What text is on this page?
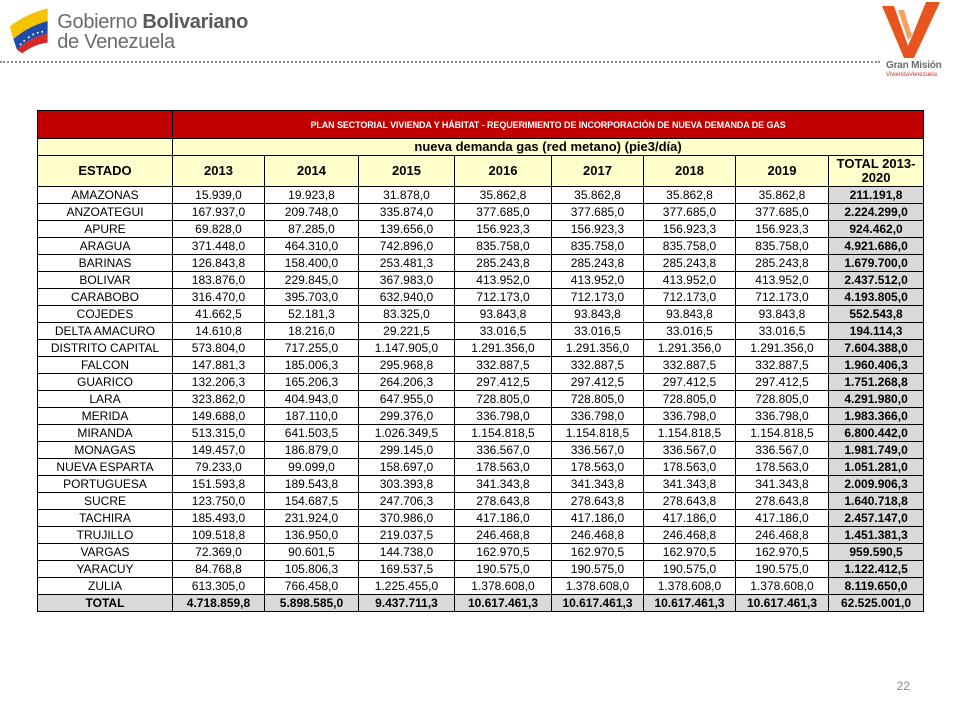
Gobierno Bolivariano
de Venezuela
Gran Misión
ViviendaVenezuela
	PLAN SECTORIAL VIVIENDA Y HÁBITAT - REQUERIMIENTO DE INCORPORACIÓN DE NUEVA DEMANDA DE GAS							
	nueva demanda gas (red metano) (pie3/día)							
ESTADO	2013	2014	2015	2016	2017	2018	2019	TOTAL 2013-2020
AMAZONAS	15.939,0	19.923,8	31.878,0	35.862,8	35.862,8	35.862,8	35.862,8	211.191,8
ANZOATEGUI	167.937,0	209.748,0	335.874,0	377.685,0	377.685,0	377.685,0	377.685,0	2.224.299,0
APURE	69.828,0	87.285,0	139.656,0	156.923,3	156.923,3	156.923,3	156.923,3	924.462,0
ARAGUA	371.448,0	464.310,0	742.896,0	835.758,0	835.758,0	835.758,0	835.758,0	4.921.686,0
BARINAS	126.843,8	158.400,0	253.481,3	285.243,8	285.243,8	285.243,8	285.243,8	1.679.700,0
BOLIVAR	183.876,0	229.845,0	367.983,0	413.952,0	413.952,0	413.952,0	413.952,0	2.437.512,0
CARABOBO	316.470,0	395.703,0	632.940,0	712.173,0	712.173,0	712.173,0	712.173,0	4.193.805,0
COJEDES	41.662,5	52.181,3	83.325,0	93.843,8	93.843,8	93.843,8	93.843,8	552.543,8
DELTA AMACURO	14.610,8	18.216,0	29.221,5	33.016,5	33.016,5	33.016,5	33.016,5	194.114,3
DISTRITO CAPITAL	573.804,0	717.255,0	1.147.905,0	1.291.356,0	1.291.356,0	1.291.356,0	1.291.356,0	7.604.388,0
FALCON	147.881,3	185.006,3	295.968,8	332.887,5	332.887,5	332.887,5	332.887,5	1.960.406,3
GUARICO	132.206,3	165.206,3	264.206,3	297.412,5	297.412,5	297.412,5	297.412,5	1.751.268,8
LARA	323.862,0	404.943,0	647.955,0	728.805,0	728.805,0	728.805,0	728.805,0	4.291.980,0
MERIDA	149.688,0	187.110,0	299.376,0	336.798,0	336.798,0	336.798,0	336.798,0	1.983.366,0
MIRANDA	513.315,0	641.503,5	1.026.349,5	1.154.818,5	1.154.818,5	1.154.818,5	1.154.818,5	6.800.442,0
MONAGAS	149.457,0	186.879,0	299.145,0	336.567,0	336.567,0	336.567,0	336.567,0	1.981.749,0
NUEVA ESPARTA	79.233,0	99.099,0	158.697,0	178.563,0	178.563,0	178.563,0	178.563,0	1.051.281,0
PORTUGUESA	151.593,8	189.543,8	303.393,8	341.343,8	341.343,8	341.343,8	341.343,8	2.009.906,3
SUCRE	123.750,0	154.687,5	247.706,3	278.643,8	278.643,8	278.643,8	278.643,8	1.640.718,8
TACHIRA	185.493,0	231.924,0	370.986,0	417.186,0	417.186,0	417.186,0	417.186,0	2.457.147,0
TRUJILLO	109.518,8	136.950,0	219.037,5	246.468,8	246.468,8	246.468,8	246.468,8	1.451.381,3
VARGAS	72.369,0	90.601,5	144.738,0	162.970,5	162.970,5	162.970,5	162.970,5	959.590,5
YARACUY	84.768,8	105.806,3	169.537,5	190.575,0	190.575,0	190.575,0	190.575,0	1.122.412,5
ZULIA	613.305,0	766.458,0	1.225.455,0	1.378.608,0	1.378.608,0	1.378.608,0	1.378.608,0	8.119.650,0
TOTAL	4.718.859,8	5.898.585,0	9.437.711,3	10.617.461,3	10.617.461,3	10.617.461,3	10.617.461,3	62.525.001,0
22
